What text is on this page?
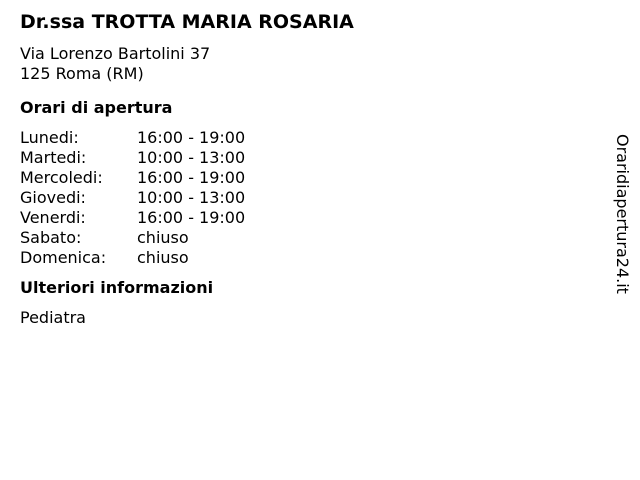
Dr.ssa TROTTA MARIA ROSARIA
Via Lorenzo Bartolini 37
125 Roma (RM)
Orari di apertura
Lunedi:	16:00 - 19:00
Martedi:	10:00 - 13:00
Mercoledi:	16:00 - 19:00
Giovedi:	10:00 - 13:00
Venerdi:	16:00 - 19:00
Sabato:	chiuso
Domenica:	chiuso
Ulteriori informazioni
Pediatra
Oraridiapertura24.it
